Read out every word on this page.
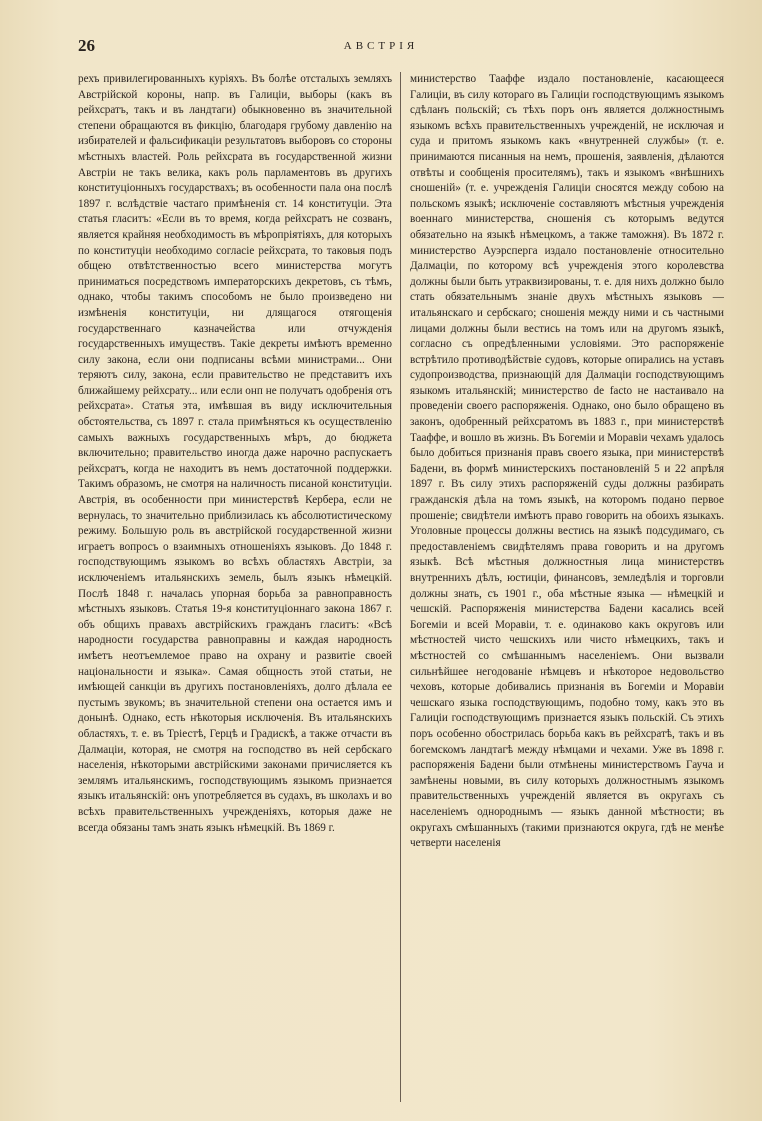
26	АВСТРІЯ

рехъ привилегированныхъ куріяхъ. Въ болѣе отсталыхъ земляхъ Австрійской короны, напр. въ Галиціи, выборы (какъ въ рейхсратъ, такъ и въ ландтаги) обыкновенно въ значительной степени обращаются въ фикцію, благодаря грубому давленію на избирателей и фальсификаціи результатовъ выборовъ со стороны мѣстныхъ властей. Роль рейхсрата въ государственной жизни Австріи не такъ велика, какъ роль парламентовъ въ другихъ конституціонныхъ государствахъ; въ особенности пала она послѣ 1897 г. вслѣдствіе частаго примѣненія ст. 14 конституціи. Эта статья гласитъ: «Если въ то время, когда рейхсратъ не созванъ, является крайняя необходимость въ мѣропріятіяхъ, для которыхъ по конституціи необходимо согласіе рейхсрата, то таковыя подъ общею отвѣтственностью всего министерства могутъ приниматься посредствомъ императорскихъ декретовъ, съ тѣмъ, однако, чтобы такимъ способомъ не было произведено ни измѣненія конституціи, ни длящагося отягощенія государственнаго казначейства или отчужденія государственныхъ имуществъ. Такіе декреты имѣютъ временно силу закона, если они подписаны всѣми министрами... Они теряютъ силу, закона, если правительство не представитъ ихъ ближайшему рейхсрату... или если онп не получатъ одобренія отъ рейхсрата». Статья эта, имѣвшая въ виду исключительныя обстоятельства, съ 1897 г. стала примѣняться къ осуществленію самыхъ важныхъ государственныхъ мѣръ, до бюджета включительно; правительство иногда даже нарочно распускаетъ рейхсратъ, когда не находитъ въ немъ достаточной поддержки. Такимъ образомъ, не смотря на наличность писаной конституціи. Австрія, въ особенности при министерствѣ Кербера, если не вернулась, то значительно приблизилась къ абсолютистическому режиму. Большую роль въ австрійской государственной жизни играетъ вопросъ о взаимныхъ отношеніяхъ языковъ. До 1848 г. господствующимъ языкомъ во всѣхъ областяхъ Австріи, за исключеніемъ итальянскихъ земель, былъ языкъ нѣмецкій. Послѣ 1848 г. началась упорная борьба за равноправность мѣстныхъ языковъ. Статья 19-я конституціоннаго закона 1867 г. объ общихъ правахъ австрійскихъ гражданъ гласитъ: «Всѣ народности государства равноправны и каждая народность имѣетъ неотъемлемое право на охрану и развитіе своей національности и языка». Самая общность этой статьи, не имѣющей санкціи въ другихъ постановленіяхъ, долго дѣлала ее пустымъ звукомъ; въ значительной степени она остается имъ и донынѣ. Однако, есть нѣкоторыя исключенія. Въ итальянскихъ областяхъ, т. е. въ Тріестѣ, Герцѣ и Градискѣ, а также отчасти въ Далмаціи, которая, не смотря на господство въ ней сербскаго населенія, нѣкоторыми австрійскими законами причисляется къ землямъ итальянскимъ, господствующимъ языкомъ признается языкъ итальянскій: онъ употребляется въ судахъ, въ школахъ и во всѣхъ правительственныхъ учрежденіяхъ, которыя даже не всегда обязаны тамъ знать языкъ нѣмецкій. Въ 1869 г.

министерство Таaффе издало постановленіе, касающееся Галиціи, въ силу котораго въ Галиціи господствующимъ языкомъ сдѣланъ польскій; съ тѣхъ поръ онъ является должностнымъ языкомъ всѣхъ правительственныхъ учрежденій, не исключая и суда и притомъ языкомъ какъ «внутренней службы» (т. е. принимаются писанныя на немъ, прошенія, заявленія, дѣлаются отвѣты и сообщенія просителямъ), такъ и языкомъ «внѣшнихъ сношеній» (т. е. учрежденія Галиціи сносятся между собою на польскомъ языкѣ; исключеніе составляютъ мѣстныя учрежденія военнаго министерства, сношенія съ которымъ ведутся обязательно на языкѣ нѣмецкомъ, а также таможня). Въ 1872 г. министерство Ауэрсперга издало постановленіе относительно Далмаціи, по которому всѣ учрежденія этого королевства должны были быть утраквизированы, т. е. для нихъ должно было стать обязательнымъ знаніе двухъ мѣстныхъ языковъ — итальянскаго и сербскаго; сношенія между ними и съ частными лицами должны были вестись на томъ или на другомъ языкѣ, согласно съ опредѣленными условіями. Это распоряженіе встрѣтило противодѣйствіе судовъ, которые опирались на уставъ судопроизводства, признающій для Далмаціи господствующимъ языкомъ итальянскій; министерство de facto не настаивало на проведеніи своего распоряженія. Однако, оно было обращено въ законъ, одобренный рейхсратомъ въ 1883 г., при министерствѣ Таaффе, и вошло въ жизнь. Въ Богеміи и Моравіи чехамъ удалось было добиться признанія правъ своего языка, при министерствѣ Бадени, въ формѣ министерскихъ постановленій 5 и 22 апрѣля 1897 г. Въ силу этихъ распоряженій суды должны разбирать гражданскія дѣла на томъ языкѣ, на которомъ подано первое прошеніе; свидѣтели имѣютъ право говорить на обоихъ языкахъ. Уголовные процессы должны вестись на языкѣ подсудимаго, съ предоставленіемъ свидѣтелямъ права говорить и на другомъ языкѣ. Всѣ мѣстныя должностныя лица министерствъ внутреннихъ дѣлъ, юстиціи, финансовъ, земледѣлія и торговли должны знать, съ 1901 г., оба мѣстные языка — нѣмецкій и чешскій. Распоряженія министерства Бадени касались всей Богеміи и всей Моравіи, т. е. одинаково какъ округовъ или мѣстностей чисто чешскихъ или чисто нѣмецкихъ, такъ и мѣстностей со смѣшаннымъ населеніемъ. Они вызвали сильнѣйшее негодованіе нѣмцевъ и нѣкоторое недовольство чеховъ, которые добивались признанія въ Богеміи и Моравіи чешскаго языка господствующимъ, подобно тому, какъ это въ Галиціи господствующимъ признается языкъ польскій. Съ этихъ поръ особенно обострилась борьба какъ въ рейхсратѣ, такъ и въ богемскомъ ландтагѣ между нѣмцами и чехами. Уже въ 1898 г. распоряженія Бадени были отмѣнены министерствомъ Гауча и замѣнены новыми, въ силу которыхъ должностнымъ языкомъ правительственныхъ учрежденій является въ округахъ съ населеніемъ однороднымъ — языкъ данной мѣстности; въ округахъ смѣшанныхъ (такими признаются округа, гдѣ не менѣе четверти населенія
